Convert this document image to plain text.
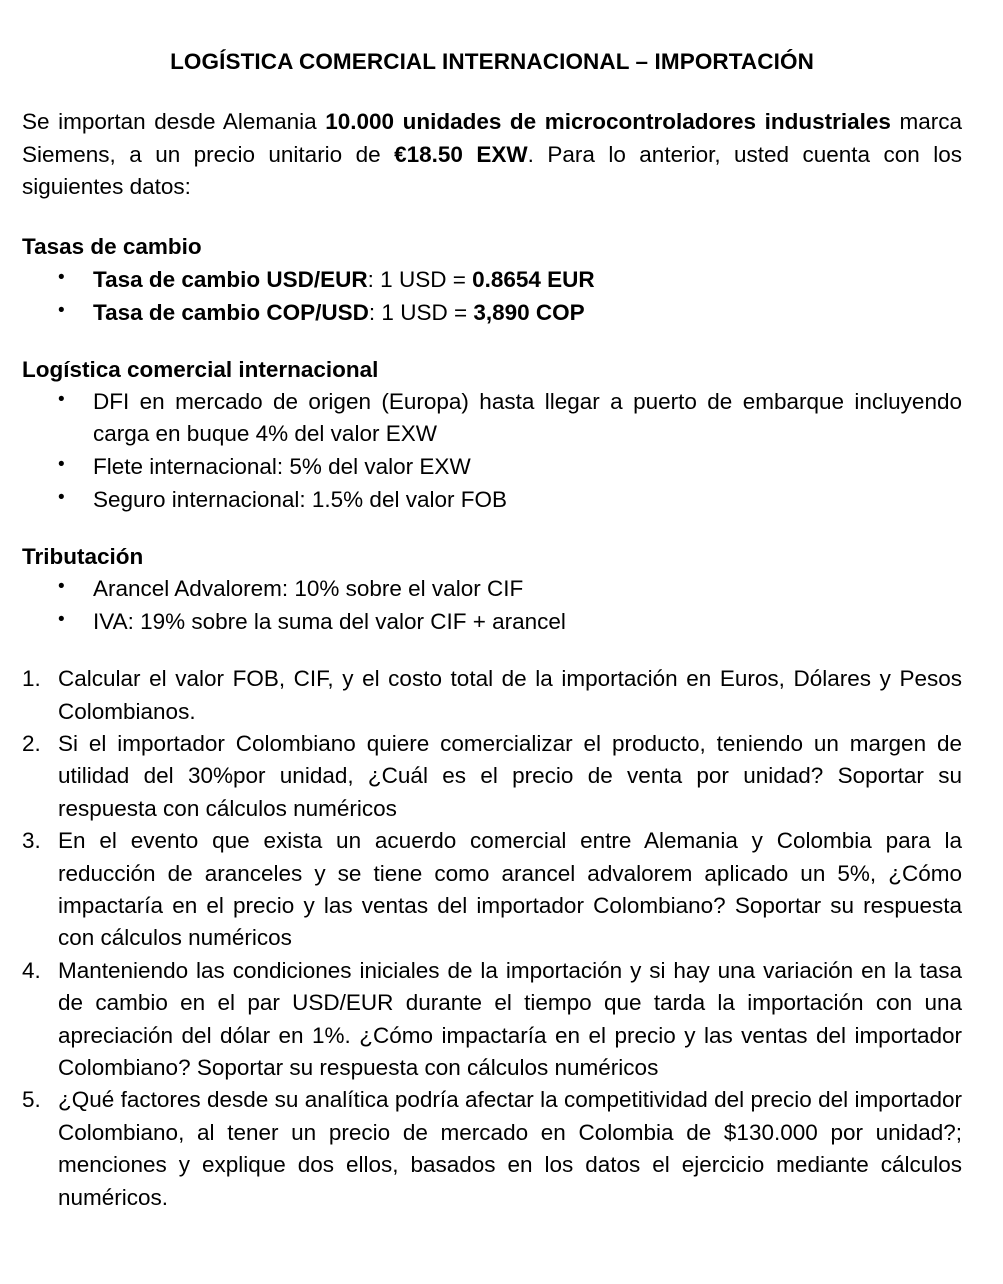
LOGÍSTICA COMERCIAL INTERNACIONAL – IMPORTACIÓN

Se importan desde Alemania 10.000 unidades de microcontroladores industriales marca Siemens, a un precio unitario de €18.50 EXW. Para lo anterior, usted cuenta con los siguientes datos:

Tasas de cambio
• Tasa de cambio USD/EUR: 1 USD = 0.8654 EUR
• Tasa de cambio COP/USD: 1 USD = 3,890 COP
Logística comercial internacional
• DFI en mercado de origen (Europa) hasta llegar a puerto de embarque incluyendo carga en buque 4% del valor EXW
• Flete internacional: 5% del valor EXW
• Seguro internacional: 1.5% del valor FOB
Tributación
• Arancel Advalorem: 10% sobre el valor CIF
• IVA: 19% sobre la suma del valor CIF + arancel
1. Calcular el valor FOB, CIF, y el costo total de la importación en Euros, Dólares y Pesos Colombianos.
2. Si el importador Colombiano quiere comercializar el producto, teniendo un margen de utilidad del 30%por unidad, ¿Cuál es el precio de venta por unidad? Soportar su respuesta con cálculos numéricos
3. En el evento que exista un acuerdo comercial entre Alemania y Colombia para la reducción de aranceles y se tiene como arancel advalorem aplicado un 5%, ¿Cómo impactaría en el precio y las ventas del importador Colombiano? Soportar su respuesta con cálculos numéricos
4. Manteniendo las condiciones iniciales de la importación y si hay una variación en la tasa de cambio en el par USD/EUR durante el tiempo que tarda la importación con una apreciación del dólar en 1%. ¿Cómo impactaría en el precio y las ventas del importador Colombiano? Soportar su respuesta con cálculos numéricos
5. ¿Qué factores desde su analítica podría afectar la competitividad del precio del importador Colombiano, al tener un precio de mercado en Colombia de $130.000 por unidad?; menciones y explique dos ellos, basados en los datos el ejercicio mediante cálculos numéricos.
